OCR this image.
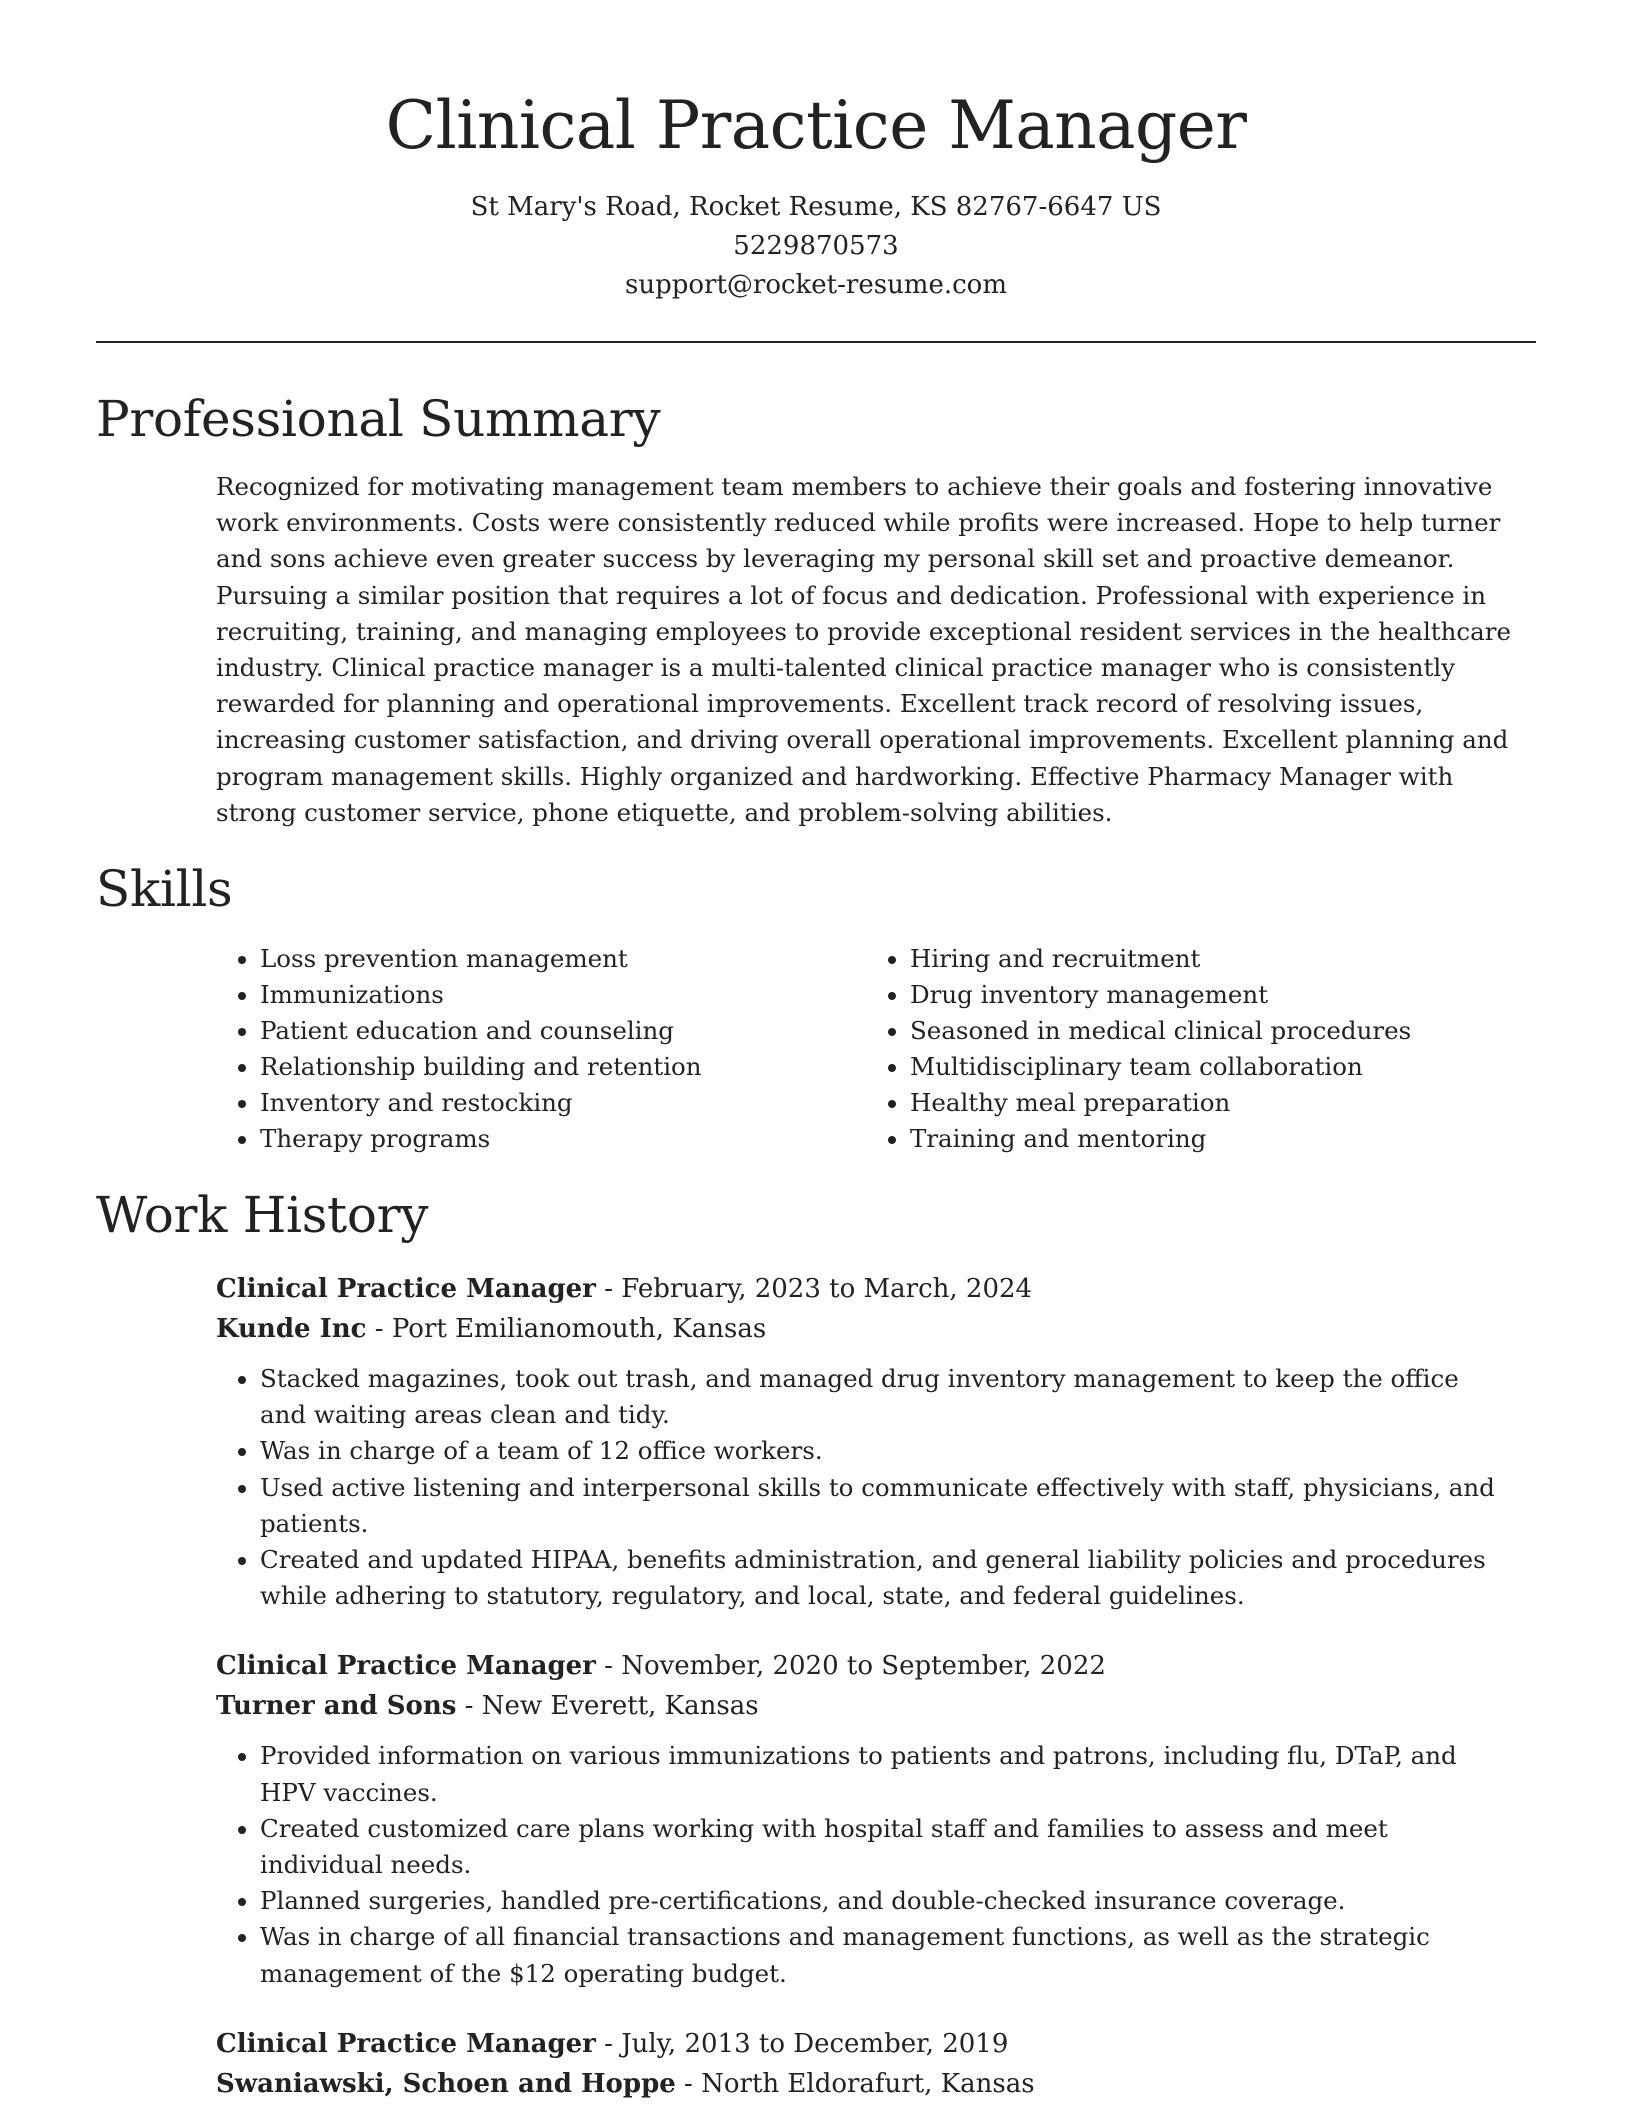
Clinical Practice Manager
St Mary's Road, Rocket Resume, KS 82767-6647 US
5229870573
support@rocket-resume.com
Professional Summary

Recognized for motivating management team members to achieve their goals and fostering innovative work environments. Costs were consistently reduced while profits were increased. Hope to help turner and sons achieve even greater success by leveraging my personal skill set and proactive demeanor. Pursuing a similar position that requires a lot of focus and dedication. Professional with experience in recruiting, training, and managing employees to provide exceptional resident services in the healthcare industry. Clinical practice manager is a multi-talented clinical practice manager who is consistently rewarded for planning and operational improvements. Excellent track record of resolving issues, increasing customer satisfaction, and driving overall operational improvements. Excellent planning and program management skills. Highly organized and hardworking. Effective Pharmacy Manager with strong customer service, phone etiquette, and problem-solving abilities.

Skills
• Loss prevention management
• Immunizations
• Patient education and counseling
• Relationship building and retention
• Inventory and restocking
• Therapy programs
• Hiring and recruitment
• Drug inventory management
• Seasoned in medical clinical procedures
• Multidisciplinary team collaboration
• Healthy meal preparation
• Training and mentoring
Work History
Clinical Practice Manager - February, 2023 to March, 2024
Kunde Inc - Port Emilianomouth, Kansas
• Stacked magazines, took out trash, and managed drug inventory management to keep the office and waiting areas clean and tidy.
• Was in charge of a team of 12 office workers.
• Used active listening and interpersonal skills to communicate effectively with staff, physicians, and patients.
• Created and updated HIPAA, benefits administration, and general liability policies and procedures while adhering to statutory, regulatory, and local, state, and federal guidelines.
Clinical Practice Manager - November, 2020 to September, 2022
Turner and Sons - New Everett, Kansas
• Provided information on various immunizations to patients and patrons, including flu, DTaP, and HPV vaccines.
• Created customized care plans working with hospital staff and families to assess and meet individual needs.
• Planned surgeries, handled pre-certifications, and double-checked insurance coverage.
• Was in charge of all financial transactions and management functions, as well as the strategic management of the $12 operating budget.
Clinical Practice Manager - July, 2013 to December, 2019
Swaniawski, Schoen and Hoppe - North Eldorafurt, Kansas
